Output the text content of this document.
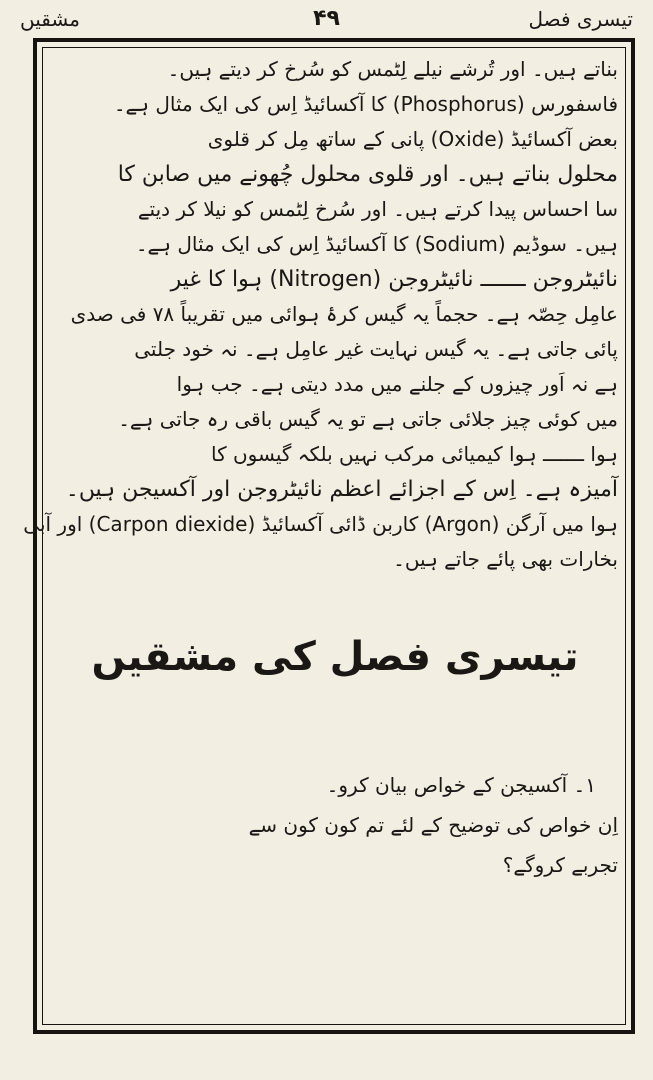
تیسری فصل
۴۹
مشقیں

بناتے ہیں۔ اور تُرشے نیلے لِٹمس کو سُرخ کر دیتے ہیں۔

فاسفورس (Phosphorus) کا آکسائیڈ اِس کی ایک مثال ہے۔

بعض آکسائیڈ (Oxide) پانی کے ساتھ مِل کر قلوی

محلول بناتے ہیں۔ اور قلوی محلول چُھونے میں صابن کا

سا احساس پیدا کرتے ہیں۔ اور سُرخ لِٹمس کو نیلا کر دیتے

ہیں۔ سوڈیم (Sodium) کا آکسائیڈ اِس کی ایک مثال ہے۔

نائیٹروجن ـــــــ نائیٹروجن (Nitrogen) ہوا کا غیر

عامِل حِصّہ ہے۔ حجماً یہ گیس کرۂ ہوائی میں تقریباً ۷۸ فی صدی

پائی جاتی ہے۔ یہ گیس نہایت غیر عامِل ہے۔ نہ خود جلتی

ہے نہ اَور چیزوں کے جلنے میں مدد دیتی ہے۔ جب ہوا

میں کوئی چیز جلائی جاتی ہے تو یہ گیس باقی رہ جاتی ہے۔

ہوا ـــــــ ہوا کیمیائی مرکب نہیں بلکہ گیسوں کا

آمیزہ ہے۔ اِس کے اجزائے اعظم نائیٹروجن اور آکسیجن ہیں۔

ہوا میں آرگن (Argon) کاربن ڈائی آکسائیڈ (Carpon diexide) اور آبی

بخارات بھی پائے جاتے ہیں۔

تیسری فصل کی مشقیں

۱۔ آکسیجن کے خواص بیان کرو۔

اِن خواص کی توضیح کے لئے تم کون کون سے

تجربے کروگے؟
